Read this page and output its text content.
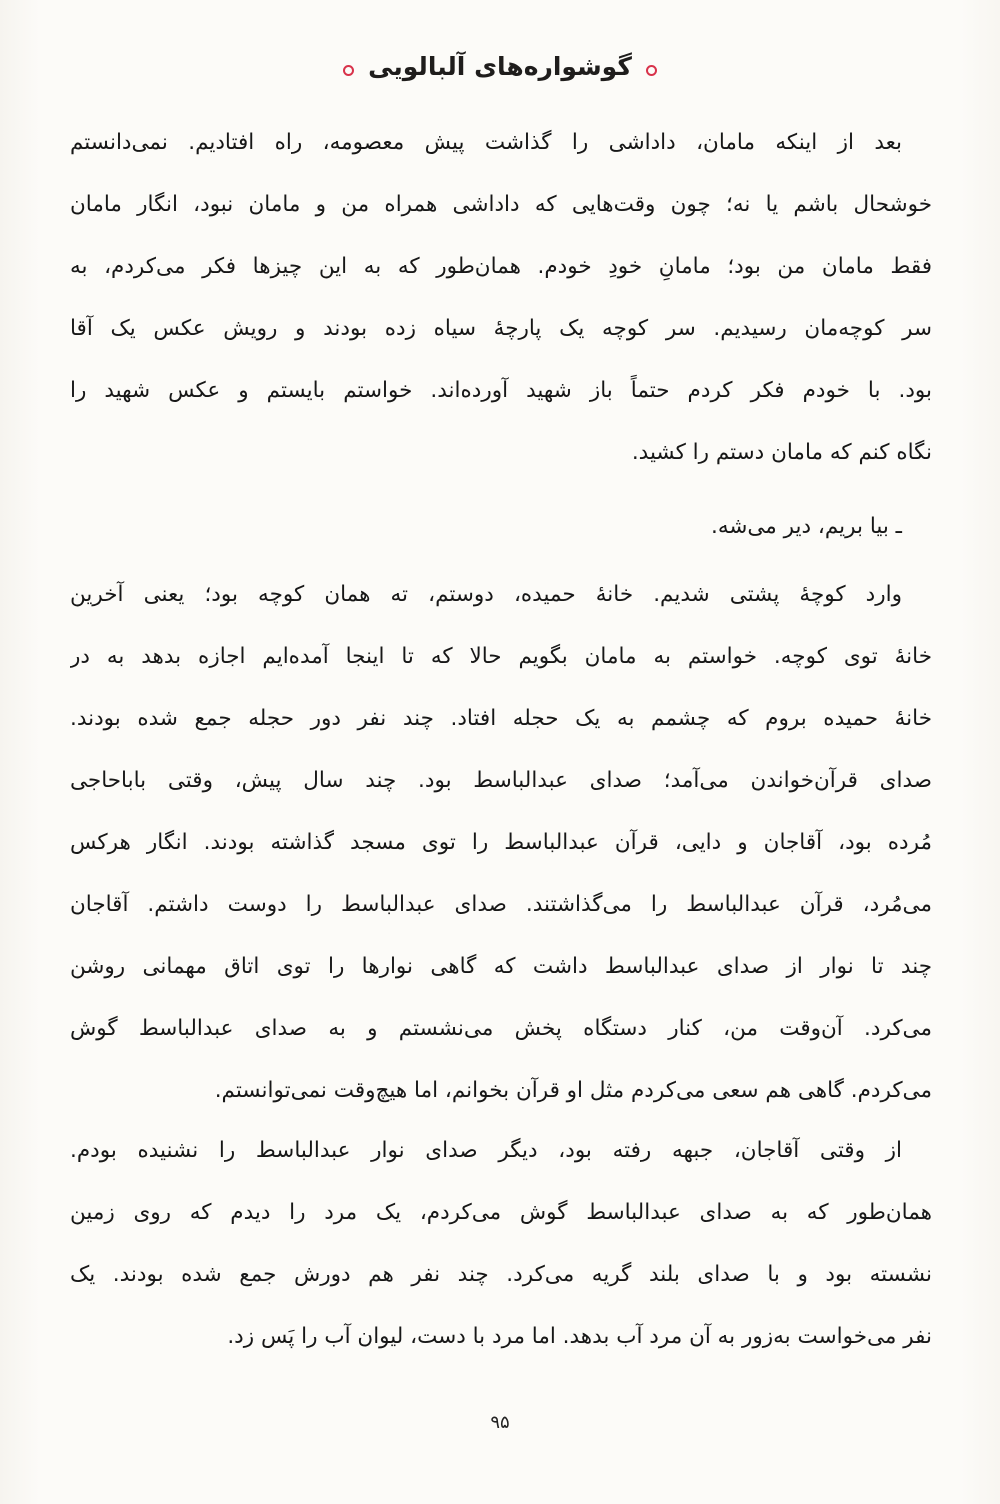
گوشواره‌های آلبالویی
بعد از اینکه مامان، داداشی را گذاشت پیش معصومه، راه افتادیم. نمی‌دانستم
خوشحال باشم یا نه؛ چون وقت‌هایی که داداشی همراه من و مامان نبود، انگار مامان
فقط مامان من بود؛ مامانِ خودِ خودم. همان‌طور که به این چیزها فکر می‌کردم، به
سر کوچه‌مان رسیدیم. سر کوچه یک پارچهٔ سیاه زده بودند و رویش عکس یک آقا
بود. با خودم فکر کردم حتماً باز شهید آورده‌اند. خواستم بایستم و عکس شهید را
نگاه کنم که مامان دستم را کشید.
ـ بیا بریم، دیر می‌شه.
وارد کوچهٔ پشتی شدیم. خانهٔ حمیده، دوستم، ته همان کوچه بود؛ یعنی آخرین
خانهٔ توی کوچه. خواستم به مامان بگویم حالا که تا اینجا آمده‌ایم اجازه بدهد به در
خانهٔ حمیده بروم که چشمم به یک حجله افتاد. چند نفر دور حجله جمع شده بودند.
صدای قرآن‌خواندن می‌آمد؛ صدای عبدالباسط بود. چند سال پیش، وقتی باباحاجی
مُرده بود، آقاجان و دایی، قرآن عبدالباسط را توی مسجد گذاشته بودند. انگار هرکس
می‌مُرد، قرآن عبدالباسط را می‌گذاشتند. صدای عبدالباسط را دوست داشتم. آقاجان
چند تا نوار از صدای عبدالباسط داشت که گاهی نوارها را توی اتاق مهمانی روشن
می‌کرد. آن‌وقت من، کنار دستگاه پخش می‌نشستم و به صدای عبدالباسط گوش
می‌کردم. گاهی هم سعی می‌کردم مثل او قرآن بخوانم، اما هیچ‌وقت نمی‌توانستم.
از وقتی آقاجان، جبهه رفته بود، دیگر صدای نوار عبدالباسط را نشنیده بودم.
همان‌طور که به صدای عبدالباسط گوش می‌کردم، یک مرد را دیدم که روی زمین
نشسته بود و با صدای بلند گریه می‌کرد. چند نفر هم دورش جمع شده بودند. یک
نفر می‌خواست به‌زور به آن مرد آب بدهد. اما مرد با دست، لیوان آب را پَس زد.
۹۵
